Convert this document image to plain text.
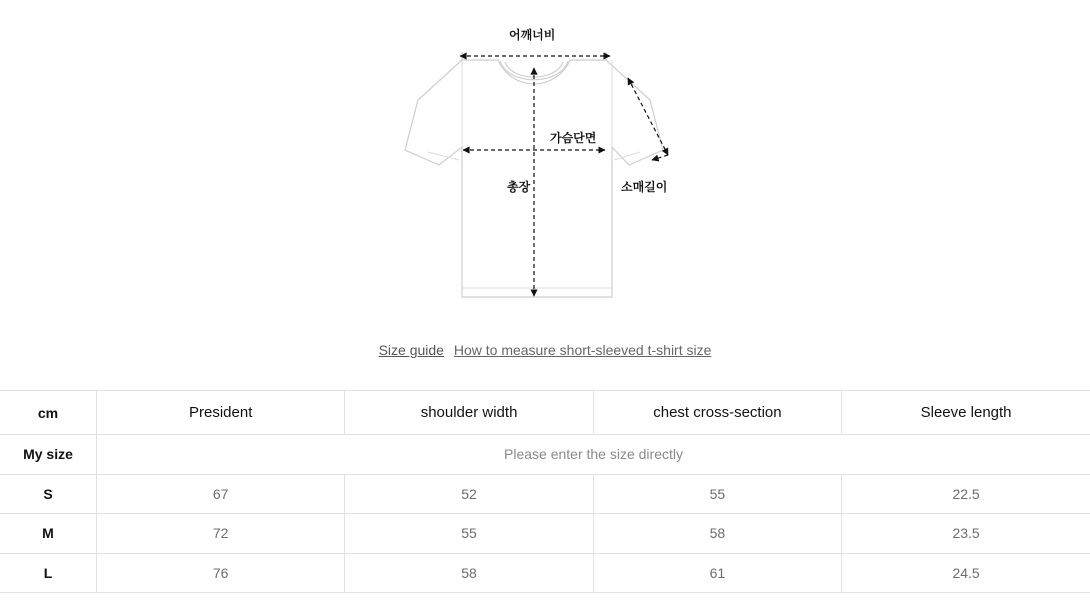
어깨너비
가슴단면
총장	소매길이
Size guide How to measure short-sleeved t-shirt size
cm	President	shoulder width	chest cross-section	Sleeve length
My size	Please enter the size directly			
S	67	52	55	22.5
M	72	55	58	23.5
L	76	58	61	24.5
